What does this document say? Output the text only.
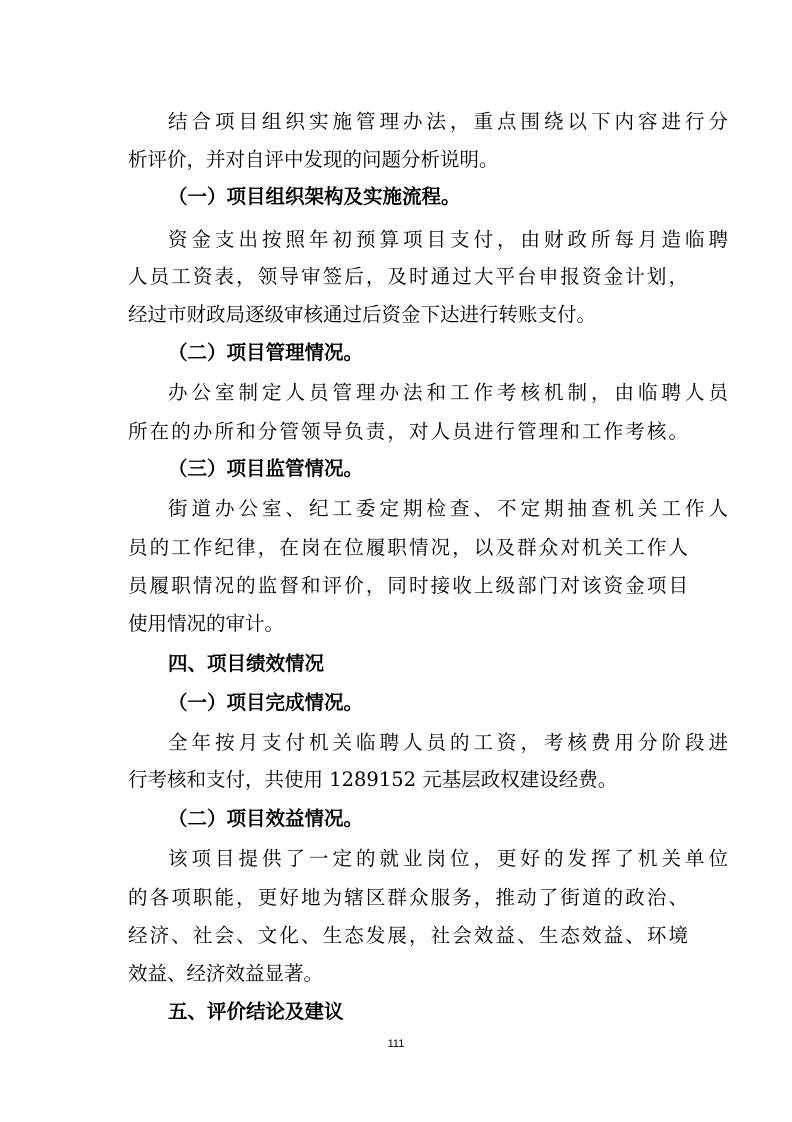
结合项目组织实施管理办法，重点围绕以下内容进行分
析评价，并对自评中发现的问题分析说明。
（一）项目组织架构及实施流程。
资金支出按照年初预算项目支付，由财政所每月造临聘
人员工资表，领导审签后，及时通过大平台申报资金计划，
经过市财政局逐级审核通过后资金下达进行转账支付。
（二）项目管理情况。
办公室制定人员管理办法和工作考核机制，由临聘人员
所在的办所和分管领导负责，对人员进行管理和工作考核。
（三）项目监管情况。
街道办公室、纪工委定期检查、不定期抽查机关工作人
员的工作纪律，在岗在位履职情况，以及群众对机关工作人
员履职情况的监督和评价，同时接收上级部门对该资金项目
使用情况的审计。
四、项目绩效情况
（一）项目完成情况。
全年按月支付机关临聘人员的工资，考核费用分阶段进
行考核和支付，共使用 1289152 元基层政权建设经费。
（二）项目效益情况。
该项目提供了一定的就业岗位，更好的发挥了机关单位
的各项职能，更好地为辖区群众服务，推动了街道的政治、
经济、社会、文化、生态发展，社会效益、生态效益、环境
效益、经济效益显著。
五、评价结论及建议
111
